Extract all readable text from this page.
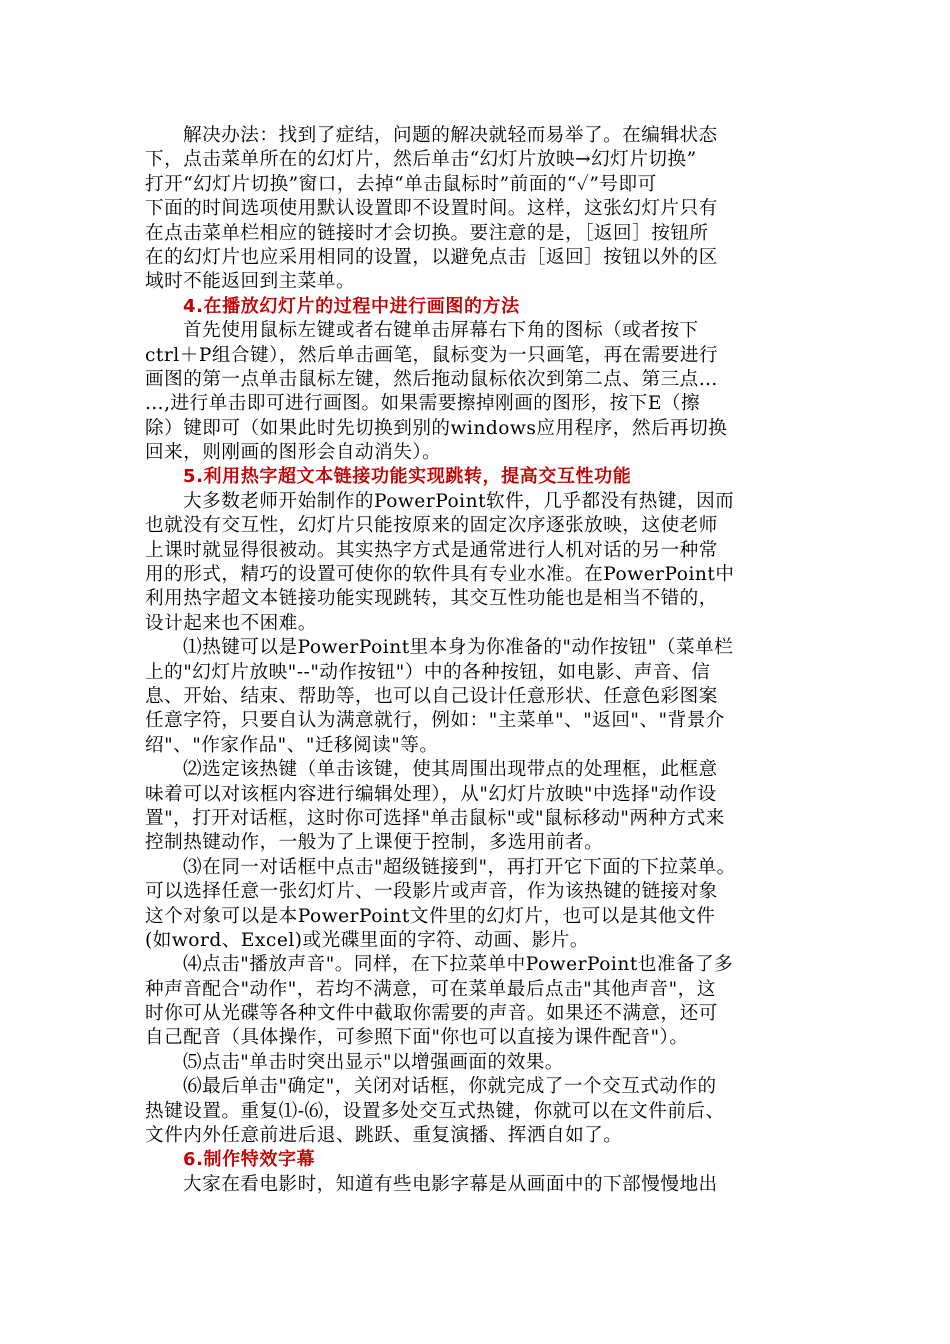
解决办法：找到了症结，问题的解决就轻而易举了。在编辑状态
下，点击菜单所在的幻灯片，然后单击“幻灯片放映→幻灯片切换”
打开“幻灯片切换”窗口，去掉“单击鼠标时”前面的“✓”号即可
下面的时间选项使用默认设置即不设置时间。这样，这张幻灯片只有
在点击菜单栏相应的链接时才会切换。要注意的是，［返回］按钮所
在的幻灯片也应采用相同的设置，以避免点击［返回］按钮以外的区
域时不能返回到主菜单。
4.在播放幻灯片的过程中进行画图的方法
首先使用鼠标左键或者右键单击屏幕右下角的图标（或者按下
ctrl＋P组合键），然后单击画笔，鼠标变为一只画笔，再在需要进行
画图的第一点单击鼠标左键，然后拖动鼠标依次到第二点、第三点…
…,进行单击即可进行画图。如果需要擦掉刚画的图形，按下E（擦
除）键即可（如果此时先切换到别的windows应用程序，然后再切换
回来，则刚画的图形会自动消失）。
5.利用热字超文本链接功能实现跳转，提高交互性功能
大多数老师开始制作的PowerPoint软件，几乎都没有热键，因而
也就没有交互性，幻灯片只能按原来的固定次序逐张放映，这使老师
上课时就显得很被动。其实热字方式是通常进行人机对话的另一种常
用的形式，精巧的设置可使你的软件具有专业水准。在PowerPoint中
利用热字超文本链接功能实现跳转，其交互性功能也是相当不错的，
设计起来也不困难。
⑴热键可以是PowerPoint里本身为你准备的"动作按钮"（菜单栏
上的"幻灯片放映"--"动作按钮"）中的各种按钮，如电影、声音、信
息、开始、结束、帮助等，也可以自己设计任意形状、任意色彩图案
任意字符，只要自认为满意就行，例如："主菜单"、"返回"、"背景介
绍"、"作家作品"、"迁移阅读"等。
⑵选定该热键（单击该键，使其周围出现带点的处理框，此框意
味着可以对该框内容进行编辑处理），从"幻灯片放映"中选择"动作设
置"，打开对话框，这时你可选择"单击鼠标"或"鼠标移动"两种方式来
控制热键动作，一般为了上课便于控制，多选用前者。
⑶在同一对话框中点击"超级链接到"，再打开它下面的下拉菜单。
可以选择任意一张幻灯片、一段影片或声音，作为该热键的链接对象
这个对象可以是本PowerPoint文件里的幻灯片，也可以是其他文件
(如word、Excel)或光碟里面的字符、动画、影片。
⑷点击"播放声音"。同样，在下拉菜单中PowerPoint也准备了多
种声音配合"动作"，若均不满意，可在菜单最后点击"其他声音"，这
时你可从光碟等各种文件中截取你需要的声音。如果还不满意，还可
自己配音（具体操作，可参照下面"你也可以直接为课件配音"）。
⑸点击"单击时突出显示"以增强画面的效果。
⑹最后单击"确定"，关闭对话框，你就完成了一个交互式动作的
热键设置。重复⑴-⑹，设置多处交互式热键，你就可以在文件前后、
文件内外任意前进后退、跳跃、重复演播、挥洒自如了。
6.制作特效字幕
大家在看电影时，知道有些电影字幕是从画面中的下部慢慢地出
